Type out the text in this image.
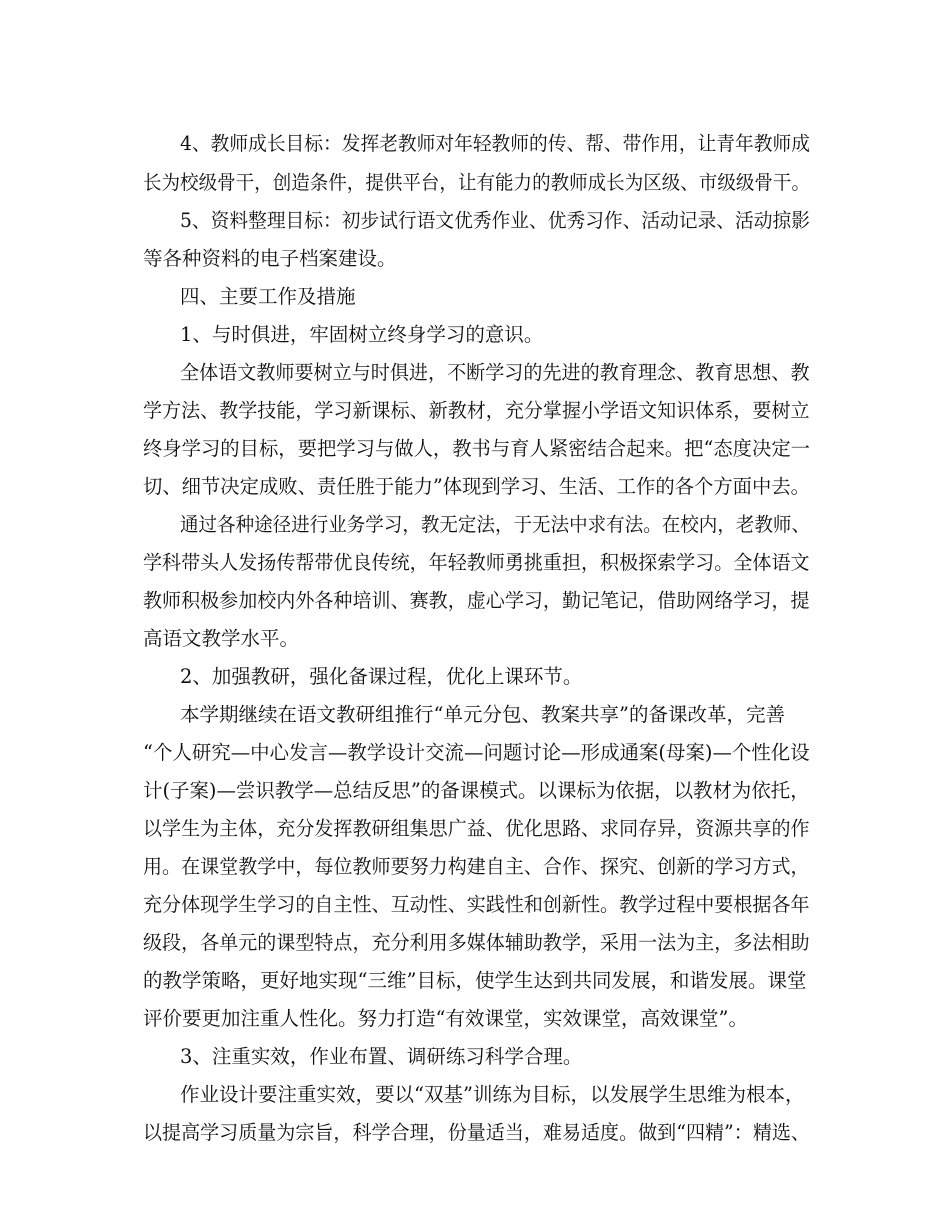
4、教师成长目标：发挥老教师对年轻教师的传、帮、带作用，让青年教师成
长为校级骨干，创造条件，提供平台，让有能力的教师成长为区级、市级级骨干。
5、资料整理目标：初步试行语文优秀作业、优秀习作、活动记录、活动掠影
等各种资料的电子档案建设。
四、主要工作及措施
1、与时俱进，牢固树立终身学习的意识。
全体语文教师要树立与时俱进，不断学习的先进的教育理念、教育思想、教
学方法、教学技能，学习新课标、新教材，充分掌握小学语文知识体系，要树立
终身学习的目标，要把学习与做人，教书与育人紧密结合起来。把“态度决定一
切、细节决定成败、责任胜于能力”体现到学习、生活、工作的各个方面中去。
通过各种途径进行业务学习，教无定法，于无法中求有法。在校内，老教师、
学科带头人发扬传帮带优良传统，年轻教师勇挑重担，积极探索学习。全体语文
教师积极参加校内外各种培训、赛教，虚心学习，勤记笔记，借助网络学习，提
高语文教学水平。
2、加强教研，强化备课过程，优化上课环节。
本学期继续在语文教研组推行“单元分包、教案共享”的备课改革，完善
“个人研究—中心发言—教学设计交流—问题讨论—形成通案(母案)—个性化设
计(子案)—尝识教学—总结反思”的备课模式。以课标为依据，以教材为依托，
以学生为主体，充分发挥教研组集思广益、优化思路、求同存异，资源共享的作
用。在课堂教学中，每位教师要努力构建自主、合作、探究、创新的学习方式，
充分体现学生学习的自主性、互动性、实践性和创新性。教学过程中要根据各年
级段，各单元的课型特点，充分利用多媒体辅助教学，采用一法为主，多法相助
的教学策略，更好地实现“三维”目标，使学生达到共同发展，和谐发展。课堂
评价要更加注重人性化。努力打造“有效课堂，实效课堂，高效课堂”。
3、注重实效，作业布置、调研练习科学合理。
作业设计要注重实效，要以“双基”训练为目标，以发展学生思维为根本，
以提高学习质量为宗旨，科学合理，份量适当，难易适度。做到“四精”：精选、
